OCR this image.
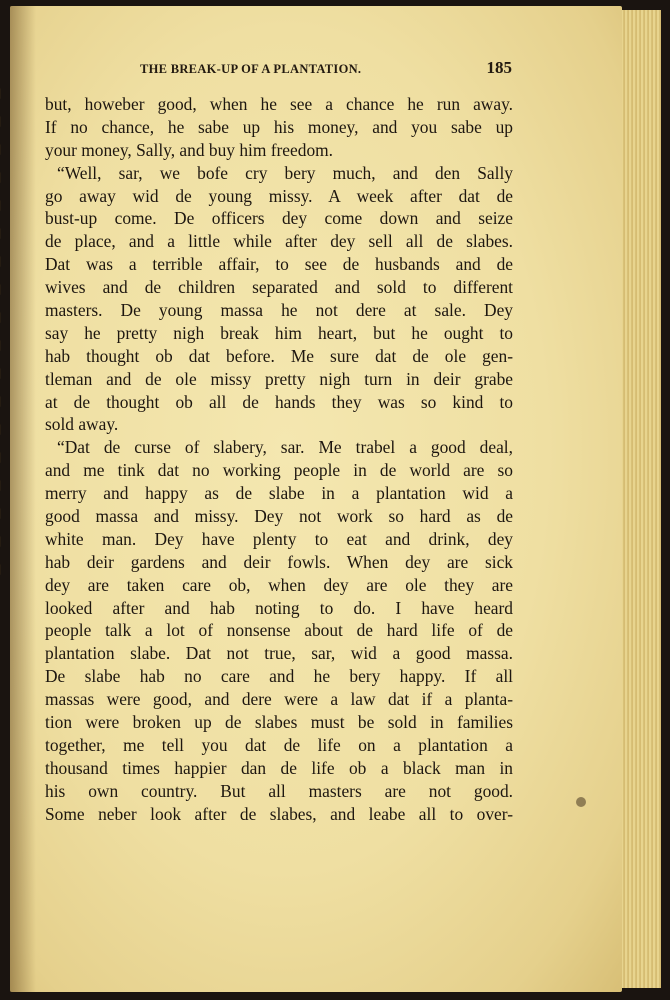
|
|
|
|
|
|
|
|
|
|
|
|
|
|
|
|
|
|
THE BREAK-UP OF A PLANTATION.	185
but, howeber good, when he see a chance he run away.
If no chance, he sabe up his money, and you sabe up
your money, Sally, and buy him freedom.
“Well, sar, we bofe cry bery much, and den Sally
go away wid de young missy. A week after dat de
bust-up come. De officers dey come down and seize
de place, and a little while after dey sell all de slabes.
Dat was a terrible affair, to see de husbands and de
wives and de children separated and sold to different
masters. De young massa he not dere at sale. Dey
say he pretty nigh break him heart, but he ought to
hab thought ob dat before. Me sure dat de ole gen-
tleman and de ole missy pretty nigh turn in deir grabe
at de thought ob all de hands they was so kind to
sold away.
“Dat de curse of slabery, sar. Me trabel a good deal,
and me tink dat no working people in de world are so
merry and happy as de slabe in a plantation wid a
good massa and missy. Dey not work so hard as de
white man. Dey have plenty to eat and drink, dey
hab deir gardens and deir fowls. When dey are sick
dey are taken care ob, when dey are ole they are
looked after and hab noting to do. I have heard
people talk a lot of nonsense about de hard life of de
plantation slabe. Dat not true, sar, wid a good massa.
De slabe hab no care and he bery happy. If all
massas were good, and dere were a law dat if a planta-
tion were broken up de slabes must be sold in families
together, me tell you dat de life on a plantation a
thousand times happier dan de life ob a black man in
his own country. But all masters are not good.
Some neber look after de slabes, and leabe all to over-
